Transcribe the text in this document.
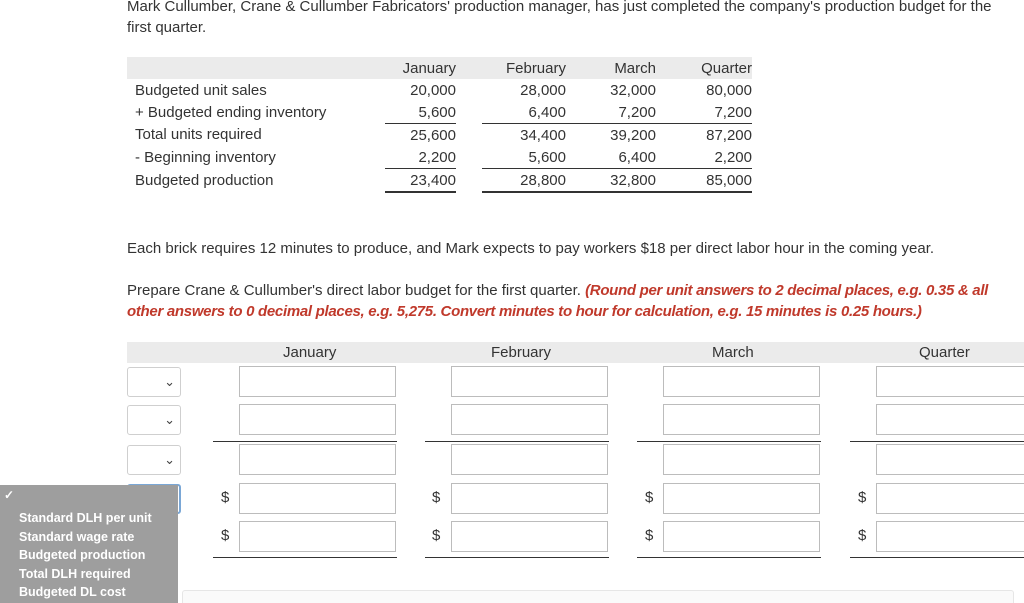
Mark Cullumber, Crane & Cullumber Fabricators' production manager, has just completed the company's production budget for the first quarter.

	January		February	March	Quarter
Budgeted unit sales	20,000		28,000	32,000	80,000
+ Budgeted ending inventory	5,600		6,400	7,200	7,200
Total units required	25,600		34,400	39,200	87,200
- Beginning inventory	2,200		5,600	6,400	2,200
Budgeted production	23,400		28,800	32,800	85,000

Each brick requires 12 minutes to produce, and Mark expects to pay workers $18 per direct labor hour in the coming year.

Prepare Crane & Cullumber's direct labor budget for the first quarter. (Round per unit answers to 2 decimal places, e.g. 0.35 & all other answers to 0 decimal places, e.g. 5,275. Convert minutes to hour for calculation, e.g. 15 minutes is 0.25 hours.)

January	February	March	Quarter
⌄
⌄
⌄
$	$	$	$
$	$	$	$
✓
Standard DLH per unit
Standard wage rate
Budgeted production
Total DLH required
Budgeted DL cost
